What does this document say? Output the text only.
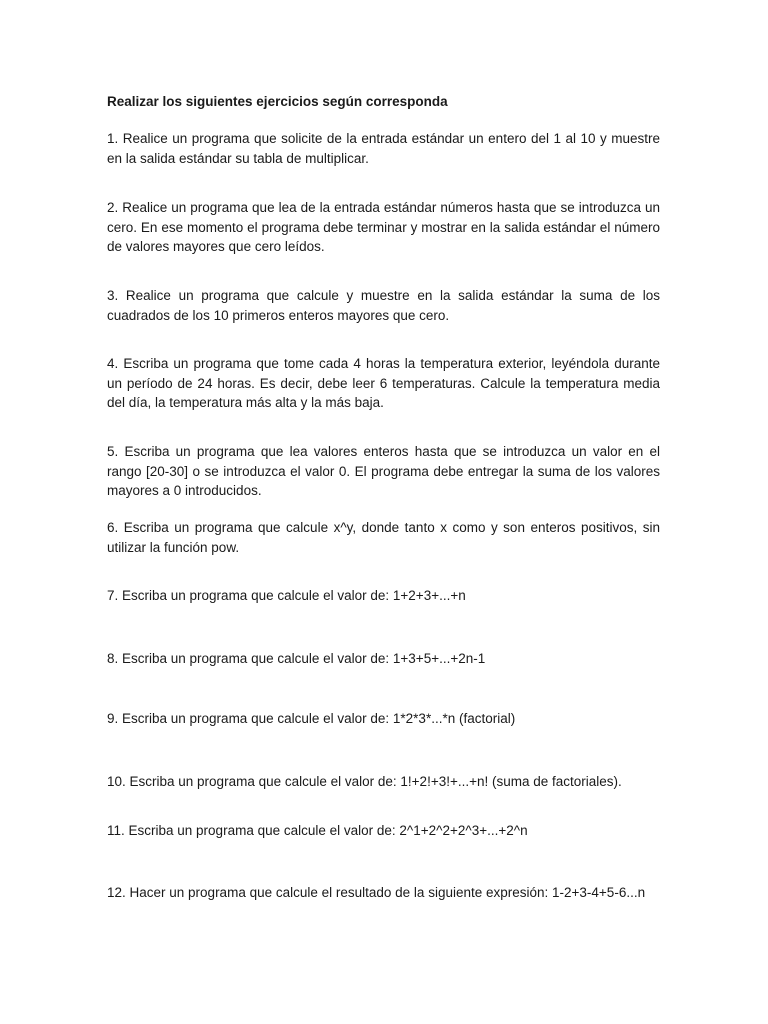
Realizar los siguientes ejercicios según corresponda

1. Realice un programa que solicite de la entrada estándar un entero del 1 al 10 y muestre en la salida estándar su tabla de multiplicar.

2. Realice un programa que lea de la entrada estándar números hasta que se introduzca un cero. En ese momento el programa debe terminar y mostrar en la salida estándar el número de valores mayores que cero leídos.

3. Realice un programa que calcule y muestre en la salida estándar la suma de los cuadrados de los 10 primeros enteros mayores que cero.

4. Escriba un programa que tome cada 4 horas la temperatura exterior, leyéndola durante un período de 24 horas. Es decir, debe leer 6 temperaturas. Calcule la temperatura media del día, la temperatura más alta y la más baja.

5. Escriba un programa que lea valores enteros hasta que se introduzca un valor en el rango [20-30] o se introduzca el valor 0. El programa debe entregar la suma de los valores mayores a 0 introducidos.

6. Escriba un programa que calcule x^y, donde tanto x como y son enteros positivos, sin utilizar la función pow.

7. Escriba un programa que calcule el valor de: 1+2+3+...+n

8. Escriba un programa que calcule el valor de: 1+3+5+...+2n-1

9. Escriba un programa que calcule el valor de: 1*2*3*...*n (factorial)

10. Escriba un programa que calcule el valor de: 1!+2!+3!+...+n! (suma de factoriales).

11. Escriba un programa que calcule el valor de: 2^1+2^2+2^3+...+2^n

12. Hacer un programa que calcule el resultado de la siguiente expresión: 1-2+3-4+5-6...n
